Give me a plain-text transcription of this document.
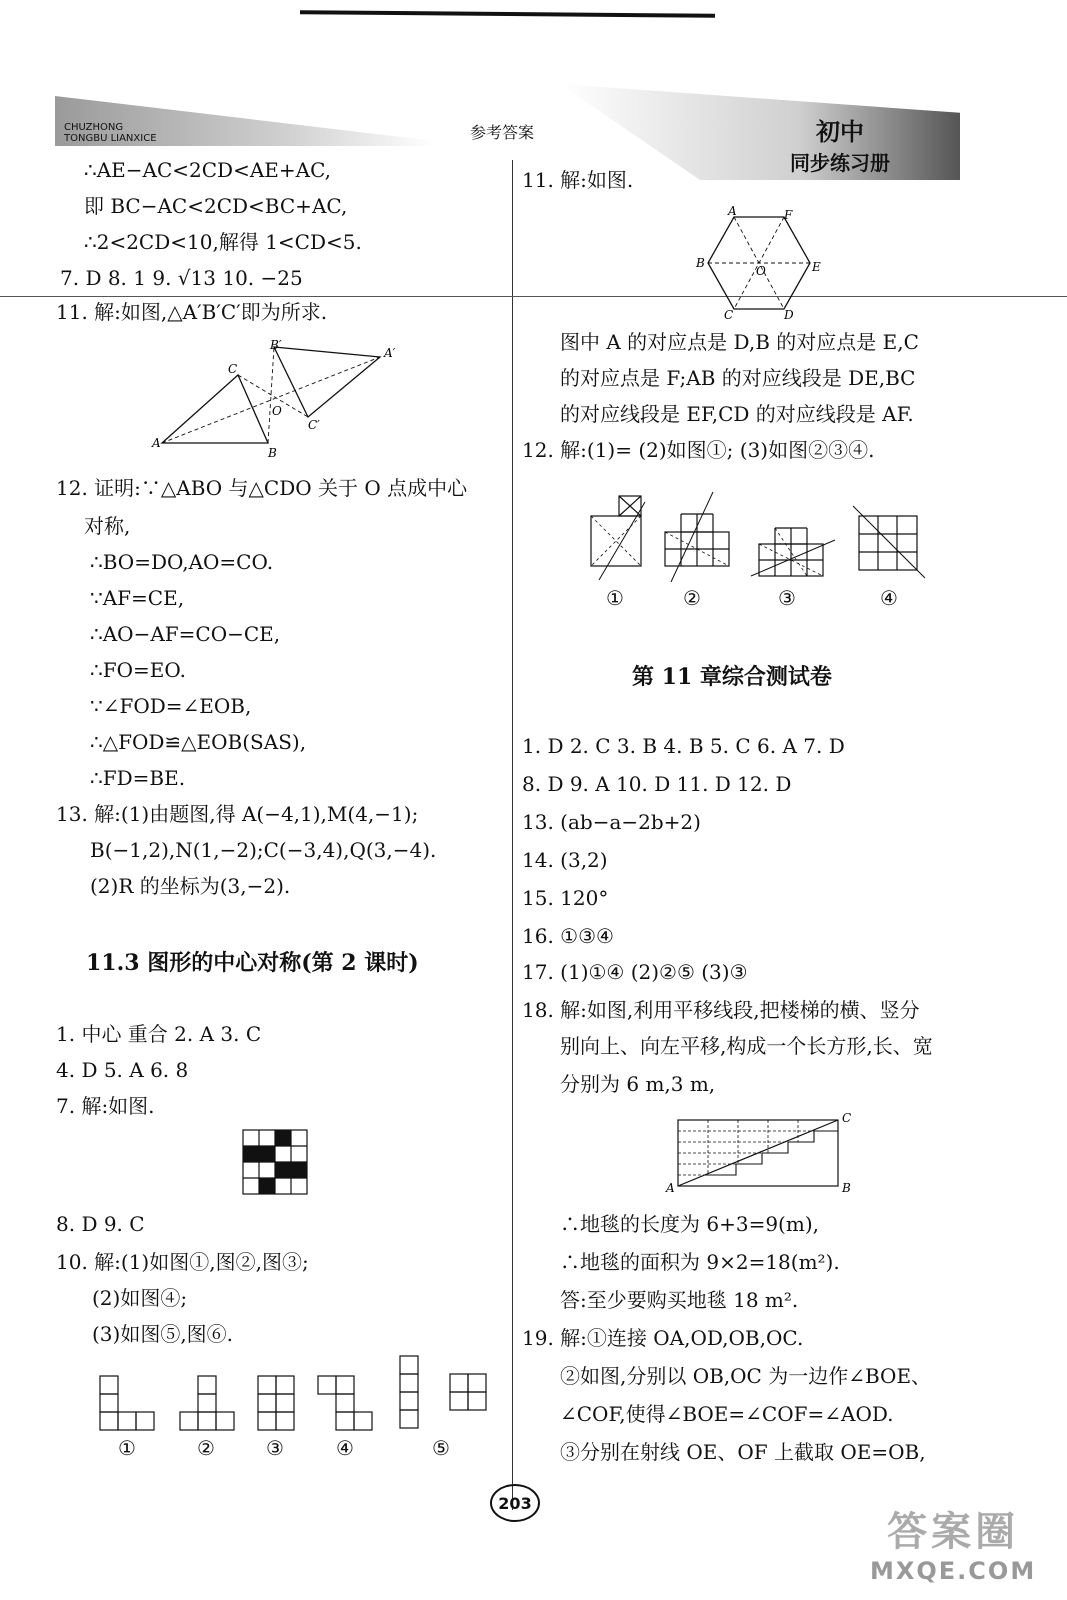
CHUZHONG
TONGBU LIANXICE	参考答案	初中
同步练习册
∴AE−AC<2CD<AE+AC,
即 BC−AC<2CD<BC+AC,
∴2<2CD<10,解得 1<CD<5.
7. D 8. 1 9. √13 10. −25
11. 解:如图,△A′B′C′即为所求.
B′
A′
C
O
C′
A
B
12. 证明:∵△ABO 与△CDO 关于 O 点成中心
对称,
∴BO=DO,AO=CO.
∵AF=CE,
∴AO−AF=CO−CE,
∴FO=EO.
∵∠FOD=∠EOB,
∴△FOD≌△EOB(SAS),
∴FD=BE.
13. 解:(1)由题图,得 A(−4,1),M(4,−1);
B(−1,2),N(1,−2);C(−3,4),Q(3,−4).
(2)R 的坐标为(3,−2).
11.3 图形的中心对称(第 2 课时)
1. 中心 重合 2. A 3. C
4. D 5. A 6. 8
7. 解:如图.
8. D 9. C
10. 解:(1)如图①,图②,图③;
(2)如图④;
(3)如图⑤,图⑥.
①	②	③	④	⑤
11. 解:如图.
A	F
B
O	E
C	D
图中 A 的对应点是 D,B 的对应点是 E,C
的对应点是 F;AB 的对应线段是 DE,BC
的对应线段是 EF,CD 的对应线段是 AF.
12. 解:(1)= (2)如图①; (3)如图②③④.
①	②	③	④
第 11 章综合测试卷
1. D 2. C 3. B 4. B 5. C 6. A 7. D
8. D 9. A 10. D 11. D 12. D
13. (ab−a−2b+2)
14. (3,2)
15. 120°
16. ①③④
17. (1)①④ (2)②⑤ (3)③
18. 解:如图,利用平移线段,把楼梯的横、竖分
别向上、向左平移,构成一个长方形,长、宽
分别为 6 m,3 m,
C
A	B
∴地毯的长度为 6+3=9(m),
∴地毯的面积为 9×2=18(m²).
答:至少要购买地毯 18 m².
19. 解:①连接 OA,OD,OB,OC.
②如图,分别以 OB,OC 为一边作∠BOE、
∠COF,使得∠BOE=∠COF=∠AOD.
③分别在射线 OE、OF 上截取 OE=OB,
203
答案圈
MXQE.COM
